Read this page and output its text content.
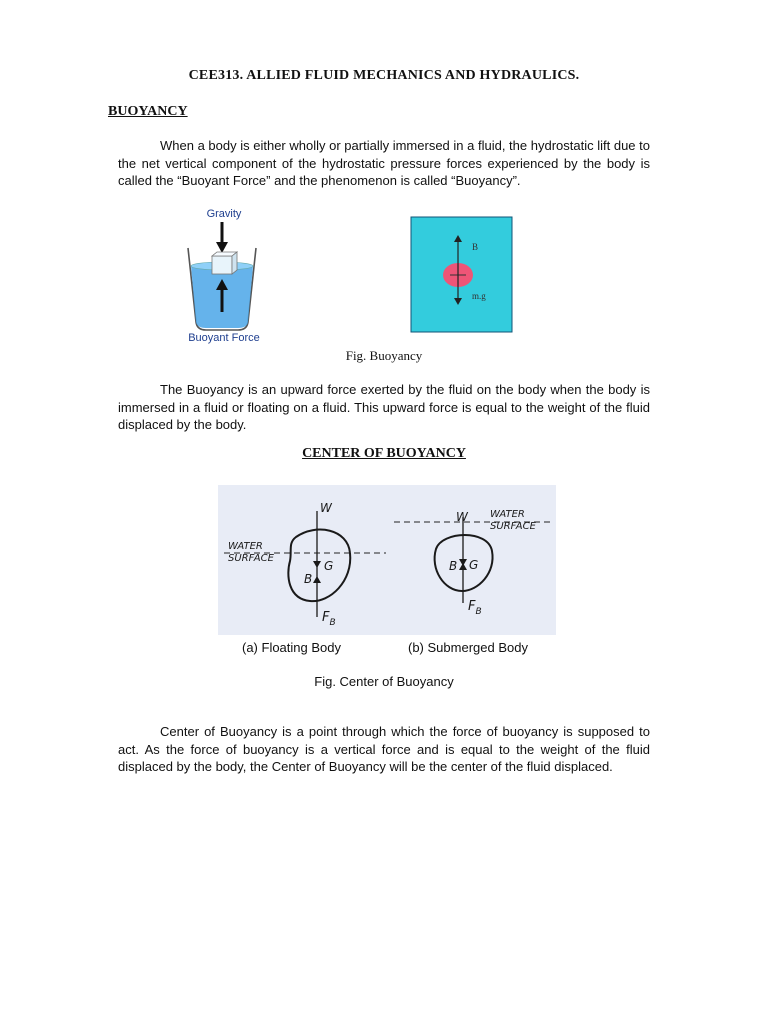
CEE313. ALLIED FLUID MECHANICS AND HYDRAULICS.
BUOYANCY
When a body is either wholly or partially immersed in a fluid, the hydrostatic lift due to the net vertical component of the hydrostatic pressure forces experienced by the body is called the “Buoyant Force” and the phenomenon is called “Buoyancy”.
Gravity
Buoyant Force
B
m.g
Fig. Buoyancy
The Buoyancy is an upward force exerted by the fluid on the body when the body is immersed in a fluid or floating on a fluid. This upward force is equal to the weight of the fluid displaced by the body.
CENTER OF BUOYANCY
W
G
B
$F_B$
WATER SURFACE
W
G
B
$F_B$
WATER SURFACE
(a) Floating Body	(b) Submerged Body
Fig. Center of Buoyancy
Center of Buoyancy is a point through which the force of buoyancy is supposed to act. As the force of buoyancy is a vertical force and is equal to the weight of the fluid displaced by the body, the Center of Buoyancy will be the center of the fluid displaced.
